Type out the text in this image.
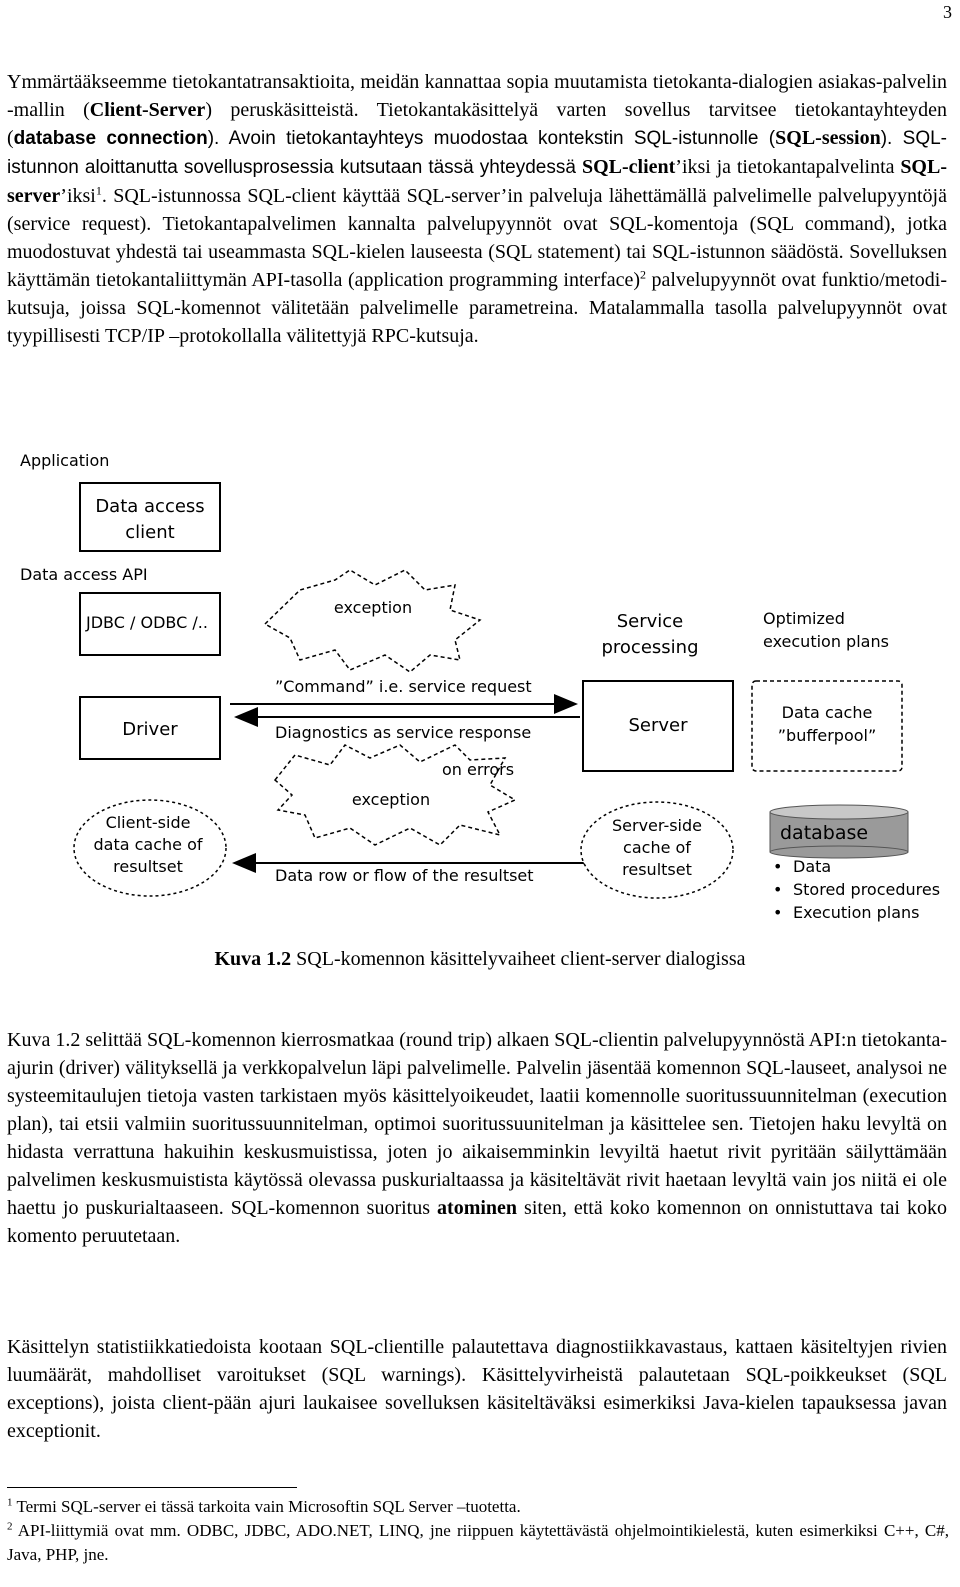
3

Ymmärtääkseemme tietokantatransaktioita, meidän kannattaa sopia muutamista tietokanta-dialogien asiakas-palvelin -mallin (Client-Server) peruskäsitteistä. Tietokantakäsittelyä varten sovellus tarvitsee tietokantayhteyden (database connection). Avoin tietokantayhteys muodostaa kontekstin SQL-istunnolle (SQL-session). SQL-istunnon aloittanutta sovellusprosessia kutsutaan tässä yhteydessä SQL-client’iksi ja tietokantapalvelinta SQL-server’iksi$^1$. SQL-istunnossa SQL-client käyttää SQL-server’in palveluja lähettämällä palvelimelle palvelupyyntöjä (service request). Tietokantapalvelimen kannalta palvelupyynnöt ovat SQL-komentoja (SQL command), jotka muodostuvat yhdestä tai useammasta SQL-kielen lauseesta (SQL statement) tai SQL-istunnon säädöstä. Sovelluksen käyttämän tietokantaliittymän API-tasolla (application programming interface)$^2$ palvelupyynnöt ovat funktio/metodi-kutsuja, joissa SQL-komennot välitetään palvelimelle parametreina. Matalammalla tasolla palvelupyynnöt ovat tyypillisesti TCP/IP –protokollalla välitettyjä RPC-kutsuja.

Application
Data access client
Data access API
JDBC / ODBC /..
Driver
Client-side data cache of resultset
exception
”Command” i.e. service request
Diagnostics as service response
on errors
exception
Data row or flow of the resultset
Service processing
Server
Server-side cache of resultset
Optimized execution plans
Data cache ”bufferpool”
database
• Data • Stored procedures • Execution plans
Kuva 1.2 SQL-komennon käsittelyvaiheet client-server dialogissa

Kuva 1.2 selittää SQL-komennon kierrosmatkaa (round trip) alkaen SQL-clientin palvelupyynnöstä API:n tietokanta-ajurin (driver) välityksellä ja verkkopalvelun läpi palvelimelle. Palvelin jäsentää komennon SQL-lauseet, analysoi ne systeemitaulujen tietoja vasten tarkistaen myös käsittelyoikeudet, laatii komennolle suoritussuunnitelman (execution plan), tai etsii valmiin suoritussuunnitelman, optimoi suoritussuunitelman ja käsittelee sen. Tietojen haku levyltä on hidasta verrattuna hakuihin keskusmuistissa, joten jo aikaisemminkin levyiltä haetut rivit pyritään säilyttämään palvelimen keskusmuistista käytössä olevassa puskurialtaassa ja käsiteltävät rivit haetaan levyltä vain jos niitä ei ole haettu jo puskurialtaaseen. SQL-komennon suoritus atominen siten, että koko komennon on onnistuttava tai koko komento peruutetaan.

Käsittelyn statistiikkatiedoista kootaan SQL-clientille palautettava diagnostiikkavastaus, kattaen käsiteltyjen rivien luumäärät, mahdolliset varoitukset (SQL warnings). Käsittelyvirheistä palautetaan SQL-poikkeukset (SQL exceptions), joista client-pään ajuri laukaisee sovelluksen käsiteltäväksi esimerkiksi Java-kielen tapauksessa javan exceptionit.

$^1$ Termi SQL-server ei tässä tarkoita vain Microsoftin SQL Server –tuotetta.

$^2$ API-liittymiä ovat mm. ODBC, JDBC, ADO.NET, LINQ, jne riippuen käytettävästä ohjelmointikielestä, kuten esimerkiksi C++, C#, Java, PHP, jne.
